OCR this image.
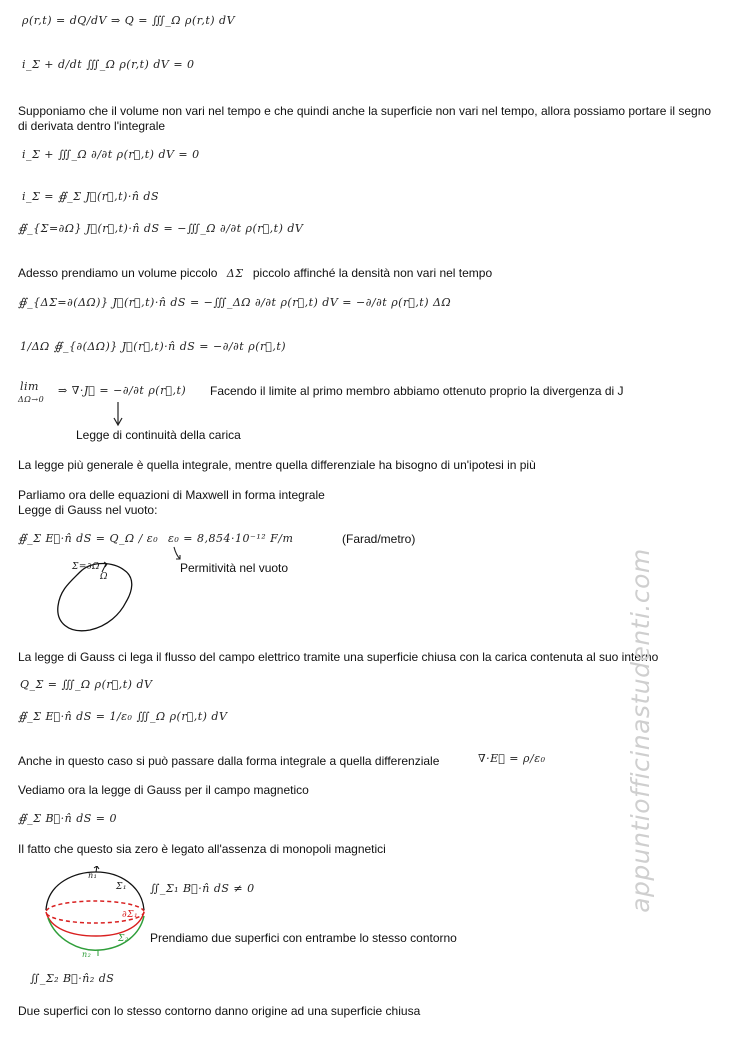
ρ(r,t) = dQ/dV ⇒ Q = ∭_Ω ρ(r,t) dV
i_Σ + d/dt ∭_Ω ρ(r,t) dV = 0
Supponiamo che il volume non vari nel tempo e che quindi anche la superficie non vari nel tempo, allora possiamo portare il segno di derivata dentro l'integrale
i_Σ + ∭_Ω ∂/∂t ρ(r⃗,t) dV = 0
i_Σ = ∯_Σ J⃗(r⃗,t)·n̂ dS
∯_{Σ=∂Ω} J⃗(r⃗,t)·n̂ dS = −∭_Ω ∂/∂t ρ(r⃗,t) dV
Adesso prendiamo un volume piccolo ΔΣ piccolo affinché la densità non vari nel tempo
∯_{ΔΣ=∂(ΔΩ)} J⃗(r⃗,t)·n̂ dS = −∭_ΔΩ ∂/∂t ρ(r⃗,t) dV = −∂/∂t ρ(r⃗,t) ΔΩ
1/ΔΩ ∯_{∂(ΔΩ)} J⃗(r⃗,t)·n̂ dS = −∂/∂t ρ(r⃗,t)
lim
ΔΩ→0
⇒ ∇·J⃗ = −∂/∂t ρ(r⃗,t) Facendo il limite al primo membro abbiamo ottenuto proprio la divergenza di J
Legge di continuità della carica
La legge più generale è quella integrale, mentre quella differenziale ha bisogno di un'ipotesi in più
Parliamo ora delle equazioni di Maxwell in forma integrale
Legge di Gauss nel vuoto:
∯_Σ E⃗·n̂ dS = Q_Ω / ε₀ ε₀ = 8,854·10⁻¹² F/m	(Farad/metro)
Permitività nel vuoto
Σ=∂Ω
Ω
La legge di Gauss ci lega il flusso del campo elettrico tramite una superficie chiusa con la carica contenuta al suo interno
Q_Σ = ∭_Ω ρ(r⃗,t) dV
∯_Σ E⃗·n̂ dS = 1/ε₀ ∭_Ω ρ(r⃗,t) dV
Anche in questo caso si può passare dalla forma integrale a quella differenziale	∇·E⃗ = ρ/ε₀
Vediamo ora la legge di Gauss per il campo magnetico
∯_Σ B⃗·n̂ dS = 0
Il fatto che questo sia zero è legato all'assenza di monopoli magnetici
n₁
Σ₁
∂Σ₁
Σ₂
n₂
∬_Σ₁ B⃗·n̂ dS ≠ 0
Prendiamo due superfici con entrambe lo stesso contorno
∬_Σ₂ B⃗·n̂₂ dS
Due superfici con lo stesso contorno danno origine ad una superficie chiusa
appuntiofficinastudenti.com
